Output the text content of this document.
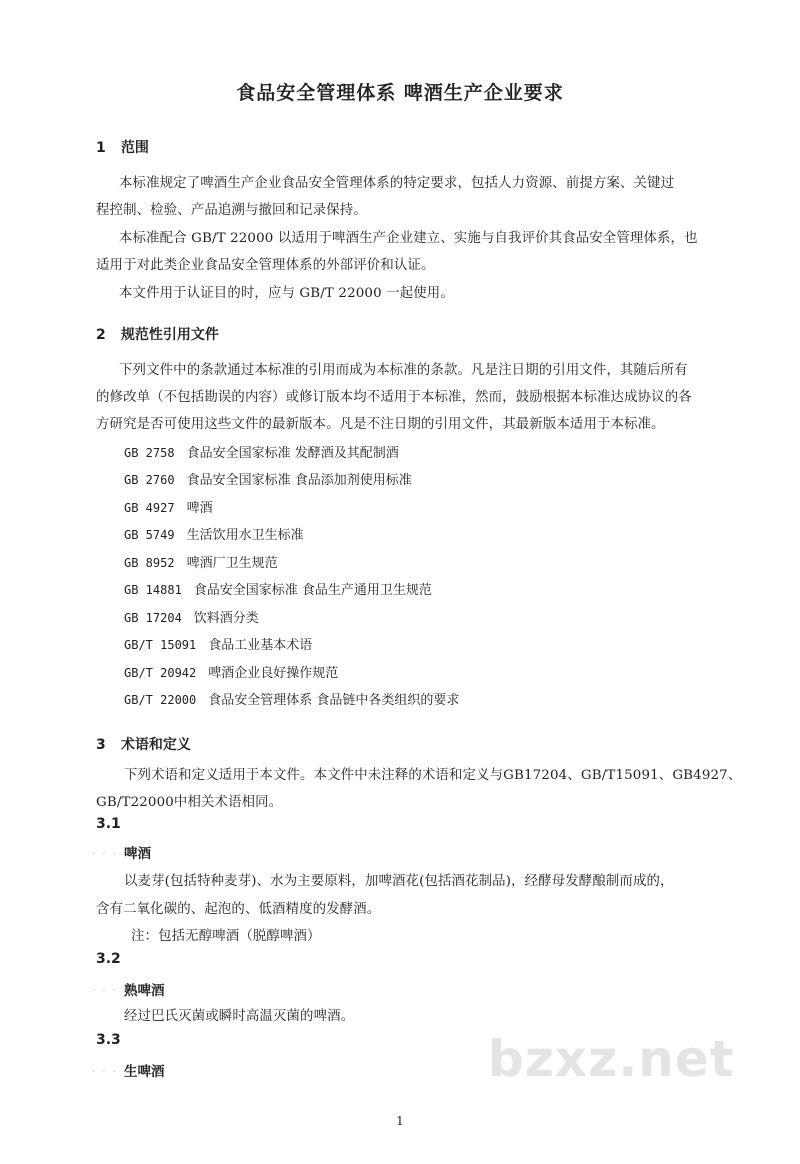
食品安全管理体系 啤酒生产企业要求
1 范围
本标准规定了啤酒生产企业食品安全管理体系的特定要求，包括人力资源、前提方案、关键过
程控制、检验、产品追溯与撤回和记录保持。
本标准配合 GB/T 22000 以适用于啤酒生产企业建立、实施与自我评价其食品安全管理体系，也
适用于对此类企业食品安全管理体系的外部评价和认证。
本文件用于认证目的时，应与 GB/T 22000 一起使用。
2 规范性引用文件
下列文件中的条款通过本标准的引用而成为本标准的条款。凡是注日期的引用文件，其随后所有
的修改单（不包括勘误的内容）或修订版本均不适用于本标准，然而，鼓励根据本标准达成协议的各
方研究是否可使用这些文件的最新版本。凡是不注日期的引用文件，其最新版本适用于本标准。
GB 2758 食品安全国家标准 发酵酒及其配制酒
GB 2760 食品安全国家标准 食品添加剂使用标准
GB 4927 啤酒
GB 5749 生活饮用水卫生标准
GB 8952 啤酒厂卫生规范
GB 14881 食品安全国家标准 食品生产通用卫生规范
GB 17204 饮料酒分类
GB/T 15091 食品工业基本术语
GB/T 20942 啤酒企业良好操作规范
GB/T 22000 食品安全管理体系 食品链中各类组织的要求
3 术语和定义
下列术语和定义适用于本文件。本文件中未注释的术语和定义与GB17204、GB/T15091、GB4927、
GB/T22000中相关术语相同。
3.1
. . . .
啤酒
以麦芽(包括特种麦芽)、水为主要原料，加啤酒花(包括酒花制品)，经酵母发酵酿制而成的，
含有二氧化碳的、起泡的、低酒精度的发酵酒。
注：包括无醇啤酒（脱醇啤酒）
3.2
. . . .
熟啤酒
经过巴氏灭菌或瞬时高温灭菌的啤酒。
3.3
. . . .
生啤酒	bzxz.net
1
